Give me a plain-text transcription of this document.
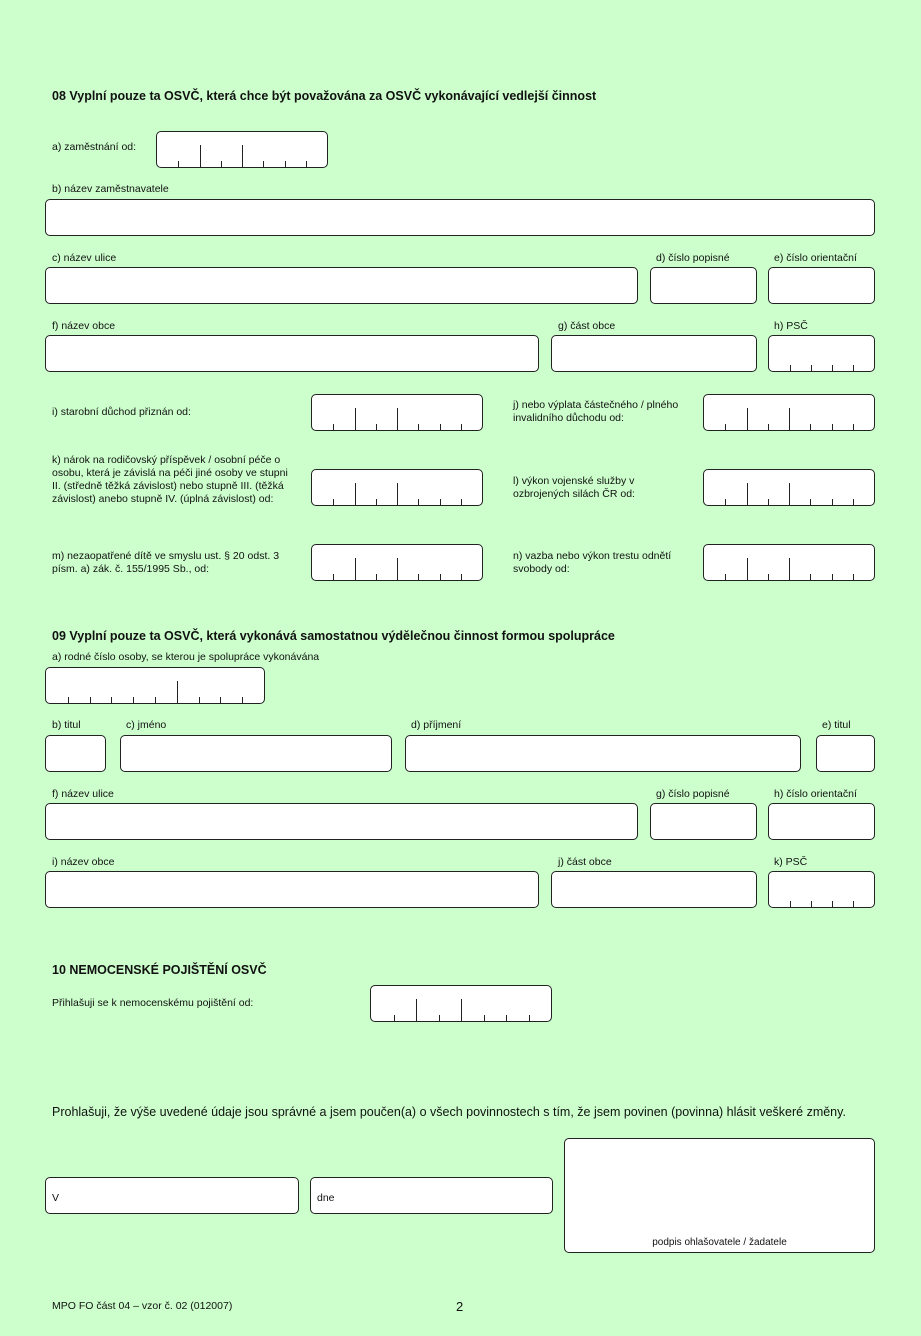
08 Vyplní pouze ta OSVČ, která chce být považována za OSVČ vykonávající vedlejší činnost
a) zaměstnání od:
b) název zaměstnavatele
c) název ulice	d) číslo popisné	e) číslo orientační
f) název obce	g) část obce	h) PSČ
i) starobní důchod přiznán od:
j) nebo výplata částečného / plného invalidního důchodu od:
k) nárok na rodičovský příspěvek / osobní péče o osobu, která je závislá na péči jiné osoby ve stupni II. (středně těžká závislost) nebo stupně III. (těžká závislost) anebo stupně IV. (úplná závislost) od:
l) výkon vojenské služby v ozbrojených silách ČR od:
m) nezaopatřené dítě ve smyslu ust. § 20 odst. 3 písm. a) zák. č. 155/1995 Sb., od:
n) vazba nebo výkon trestu odnětí svobody od:
09 Vyplní pouze ta OSVČ, která vykonává samostatnou výdělečnou činnost formou spolupráce
a) rodné číslo osoby, se kterou je spolupráce vykonávána
b) titul	c) jméno	d) příjmení	e) titul
f) název ulice	g) číslo popisné	h) číslo orientační
i) název obce	j) část obce	k) PSČ
10 NEMOCENSKÉ POJIŠTĚNÍ OSVČ
Přihlašuji se k nemocenskému pojištění od:
Prohlašuji, že výše uvedené údaje jsou správné a jsem poučen(a) o všech povinnostech s tím, že jsem povinen (povinna) hlásit veškeré změny.
V	dne
podpis ohlašovatele / žadatele
MPO FO část 04 – vzor č. 02 (012007)	2
